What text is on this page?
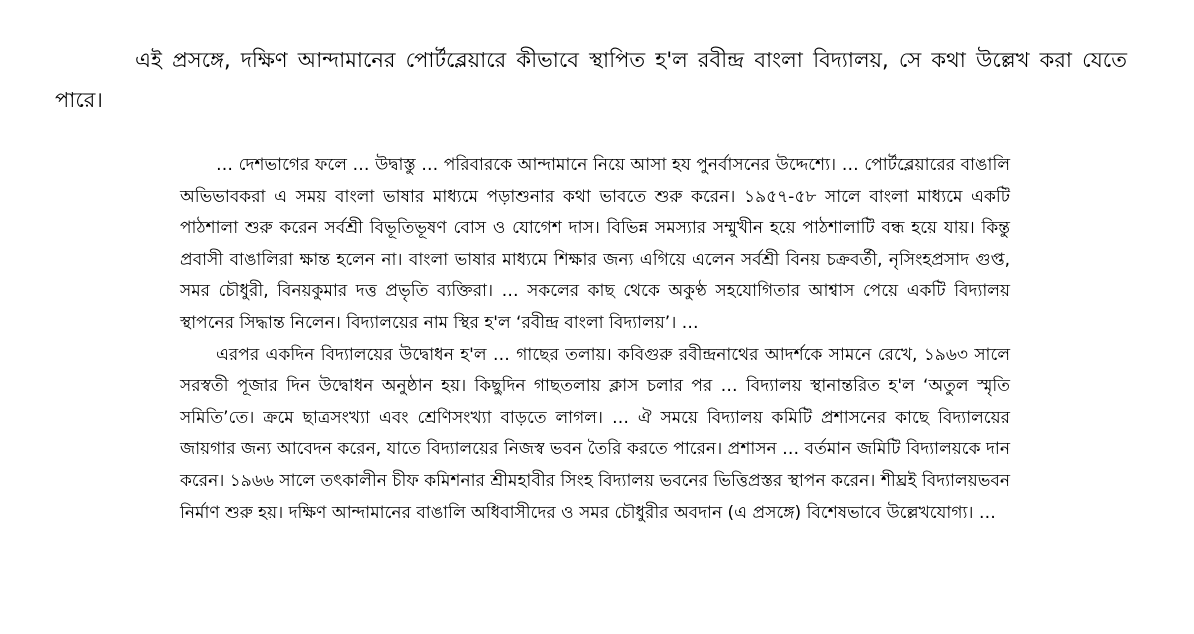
এই প্রসঙ্গে, দক্ষিণ আন্দামানের পোর্টব্লেয়ারে কীভাবে স্থাপিত হ'ল রবীন্দ্র বাংলা বিদ্যালয়, সে কথা উল্লেখ করা যেতে পারে।

… দেশভাগের ফলে … উদ্বাস্তু … পরিবারকে আন্দামানে নিয়ে আসা হয পুনর্বাসনের উদ্দেশ্যে। … পোর্টব্লেয়ারের বাঙালি অভিভাবকরা এ সময় বাংলা ভাষার মাধ্যমে পড়াশুনার কথা ভাবতে শুরু করেন। ১৯৫৭-৫৮ সালে বাংলা মাধ্যমে একটি পাঠশালা শুরু করেন সর্বশ্রী বিভূতিভূষণ বোস ও যোগেশ দাস। বিভিন্ন সমস্যার সম্মুখীন হয়ে পাঠশালাটি বন্ধ হয়ে যায়। কিন্তু প্রবাসী বাঙালিরা ক্ষান্ত হলেন না। বাংলা ভাষার মাধ্যমে শিক্ষার জন্য এগিয়ে এলেন সর্বশ্রী বিনয় চক্রবর্তী, নৃসিংহপ্রসাদ গুপ্ত, সমর চৌধুরী, বিনয়কুমার দত্ত প্রভৃতি ব্যক্তিরা। … সকলের কাছ থেকে অকুণ্ঠ সহযোগিতার আশ্বাস পেয়ে একটি বিদ্যালয় স্থাপনের সিদ্ধান্ত নিলেন। বিদ্যালয়ের নাম স্থির হ'ল ‘রবীন্দ্র বাংলা বিদ্যালয়’। …

এরপর একদিন বিদ্যালয়ের উদ্বোধন হ'ল … গাছের তলায়। কবিগুরু রবীন্দ্রনাথের আদর্শকে সামনে রেখে, ১৯৬৩ সালে সরস্বতী পূজার দিন উদ্বোধন অনুষ্ঠান হয়। কিছুদিন গাছতলায় ক্লাস চলার পর … বিদ্যালয় স্থানান্তরিত হ'ল ‘অতুল স্মৃতি সমিতি’তে। ক্রমে ছাত্রসংখ্যা এবং শ্রেণিসংখ্যা বাড়তে লাগল। … ঐ সময়ে বিদ্যালয় কমিটি প্রশাসনের কাছে বিদ্যালয়ের জায়গার জন্য আবেদন করেন, যাতে বিদ্যালয়ের নিজস্ব ভবন তৈরি করতে পারেন। প্রশাসন … বর্তমান জমিটি বিদ্যালয়কে দান করেন। ১৯৬৬ সালে তৎকালীন চীফ কমিশনার শ্রীমহাবীর সিংহ বিদ্যালয় ভবনের ভিত্তিপ্রস্তর স্থাপন করেন। শীঘ্রই বিদ্যালয়ভবন নির্মাণ শুরু হয়। দক্ষিণ আন্দামানের বাঙালি অধিবাসীদের ও সমর চৌধুরীর অবদান (এ প্রসঙ্গে) বিশেষভাবে উল্লেখযোগ্য। …
